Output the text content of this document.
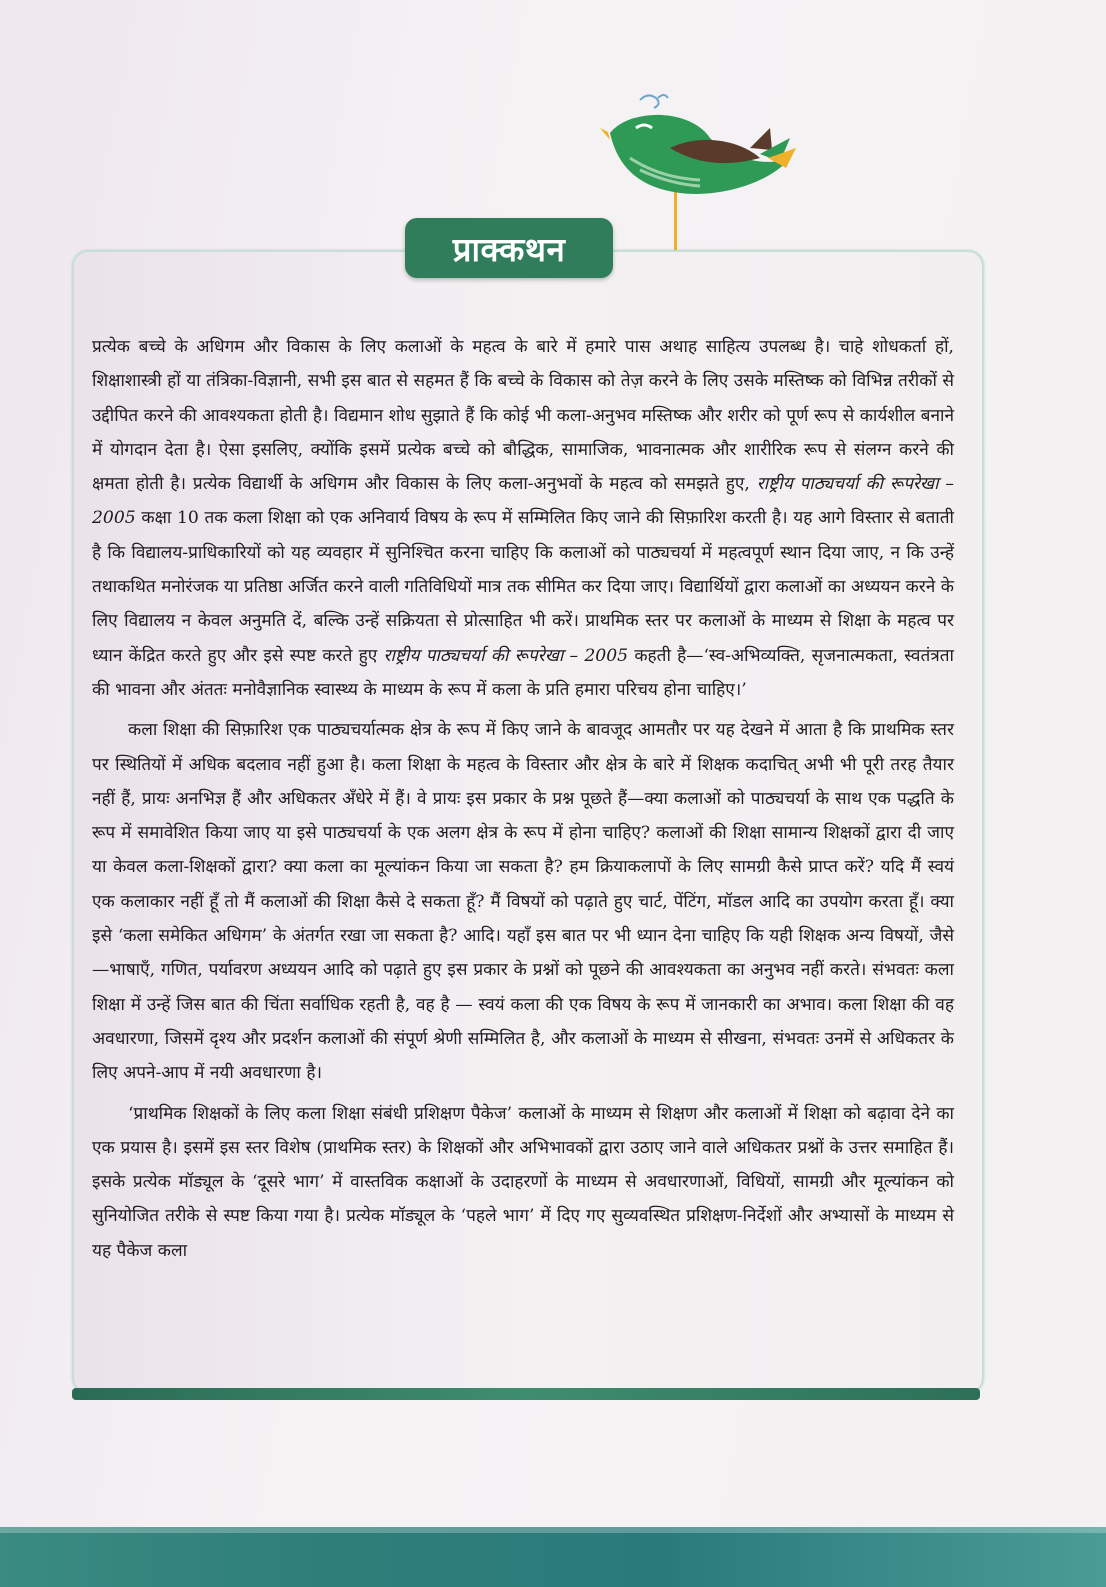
प्राक्कथन

प्रत्येक बच्चे के अधिगम और विकास के लिए कलाओं के महत्व के बारे में हमारे पास अथाह साहित्य उपलब्ध है। चाहे शोधकर्ता हों, शिक्षाशास्त्री हों या तंत्रिका-विज्ञानी, सभी इस बात से सहमत हैं कि बच्चे के विकास को तेज़ करने के लिए उसके मस्तिष्क को विभिन्न तरीकों से उद्दीपित करने की आवश्यकता होती है। विद्यमान शोध सुझाते हैं कि कोई भी कला-अनुभव मस्तिष्क और शरीर को पूर्ण रूप से कार्यशील बनाने में योगदान देता है। ऐसा इसलिए, क्योंकि इसमें प्रत्येक बच्चे को बौद्धिक, सामाजिक, भावनात्मक और शारीरिक रूप से संलग्न करने की क्षमता होती है। प्रत्येक विद्यार्थी के अधिगम और विकास के लिए कला-अनुभवों के महत्व को समझते हुए, राष्ट्रीय पाठ्यचर्या की रूपरेखा – 2005 कक्षा 10 तक कला शिक्षा को एक अनिवार्य विषय के रूप में सम्मिलित किए जाने की सिफ़ारिश करती है। यह आगे विस्तार से बताती है कि विद्यालय-प्राधिकारियों को यह व्यवहार में सुनिश्चित करना चाहिए कि कलाओं को पाठ्यचर्या में महत्वपूर्ण स्थान दिया जाए, न कि उन्हें तथाकथित मनोरंजक या प्रतिष्ठा अर्जित करने वाली गतिविधियों मात्र तक सीमित कर दिया जाए। विद्यार्थियों द्वारा कलाओं का अध्ययन करने के लिए विद्यालय न केवल अनुमति दें, बल्कि उन्हें सक्रियता से प्रोत्साहित भी करें। प्राथमिक स्तर पर कलाओं के माध्यम से शिक्षा के महत्व पर ध्यान केंद्रित करते हुए और इसे स्पष्ट करते हुए राष्ट्रीय पाठ्यचर्या की रूपरेखा – 2005 कहती है—‘स्व-अभिव्यक्ति, सृजनात्मकता, स्वतंत्रता की भावना और अंततः मनोवैज्ञानिक स्वास्थ्य के माध्यम के रूप में कला के प्रति हमारा परिचय होना चाहिए।’

कला शिक्षा की सिफ़ारिश एक पाठ्यचर्यात्मक क्षेत्र के रूप में किए जाने के बावजूद आमतौर पर यह देखने में आता है कि प्राथमिक स्तर पर स्थितियों में अधिक बदलाव नहीं हुआ है। कला शिक्षा के महत्व के विस्तार और क्षेत्र के बारे में शिक्षक कदाचित् अभी भी पूरी तरह तैयार नहीं हैं, प्रायः अनभिज्ञ हैं और अधिकतर अँधेरे में हैं। वे प्रायः इस प्रकार के प्रश्न पूछते हैं—क्या कलाओं को पाठ्यचर्या के साथ एक पद्धति के रूप में समावेशित किया जाए या इसे पाठ्यचर्या के एक अलग क्षेत्र के रूप में होना चाहिए? कलाओं की शिक्षा सामान्य शिक्षकों द्वारा दी जाए या केवल कला-शिक्षकों द्वारा? क्या कला का मूल्यांकन किया जा सकता है? हम क्रियाकलापों के लिए सामग्री कैसे प्राप्त करें? यदि मैं स्वयं एक कलाकार नहीं हूँ तो मैं कलाओं की शिक्षा कैसे दे सकता हूँ? मैं विषयों को पढ़ाते हुए चार्ट, पेंटिंग, मॉडल आदि का उपयोग करता हूँ। क्या इसे ‘कला समेकित अधिगम’ के अंतर्गत रखा जा सकता है? आदि। यहाँ इस बात पर भी ध्यान देना चाहिए कि यही शिक्षक अन्य विषयों, जैसे—भाषाएँ, गणित, पर्यावरण अध्ययन आदि को पढ़ाते हुए इस प्रकार के प्रश्नों को पूछने की आवश्यकता का अनुभव नहीं करते। संभवतः कला शिक्षा में उन्हें जिस बात की चिंता सर्वाधिक रहती है, वह है — स्वयं कला की एक विषय के रूप में जानकारी का अभाव। कला शिक्षा की वह अवधारणा, जिसमें दृश्य और प्रदर्शन कलाओं की संपूर्ण श्रेणी सम्मिलित है, और कलाओं के माध्यम से सीखना, संभवतः उनमें से अधिकतर के लिए अपने-आप में नयी अवधारणा है।

‘प्राथमिक शिक्षकों के लिए कला शिक्षा संबंधी प्रशिक्षण पैकेज’ कलाओं के माध्यम से शिक्षण और कलाओं में शिक्षा को बढ़ावा देने का एक प्रयास है। इसमें इस स्तर विशेष (प्राथमिक स्तर) के शिक्षकों और अभिभावकों द्वारा उठाए जाने वाले अधिकतर प्रश्नों के उत्तर समाहित हैं। इसके प्रत्येक मॉड्यूल के ‘दूसरे भाग’ में वास्तविक कक्षाओं के उदाहरणों के माध्यम से अवधारणाओं, विधियों, सामग्री और मूल्यांकन को सुनियोजित तरीके से स्पष्ट किया गया है। प्रत्येक मॉड्यूल के ‘पहले भाग’ में दिए गए सुव्यवस्थित प्रशिक्षण-निर्देशों और अभ्यासों के माध्यम से यह पैकेज कला
